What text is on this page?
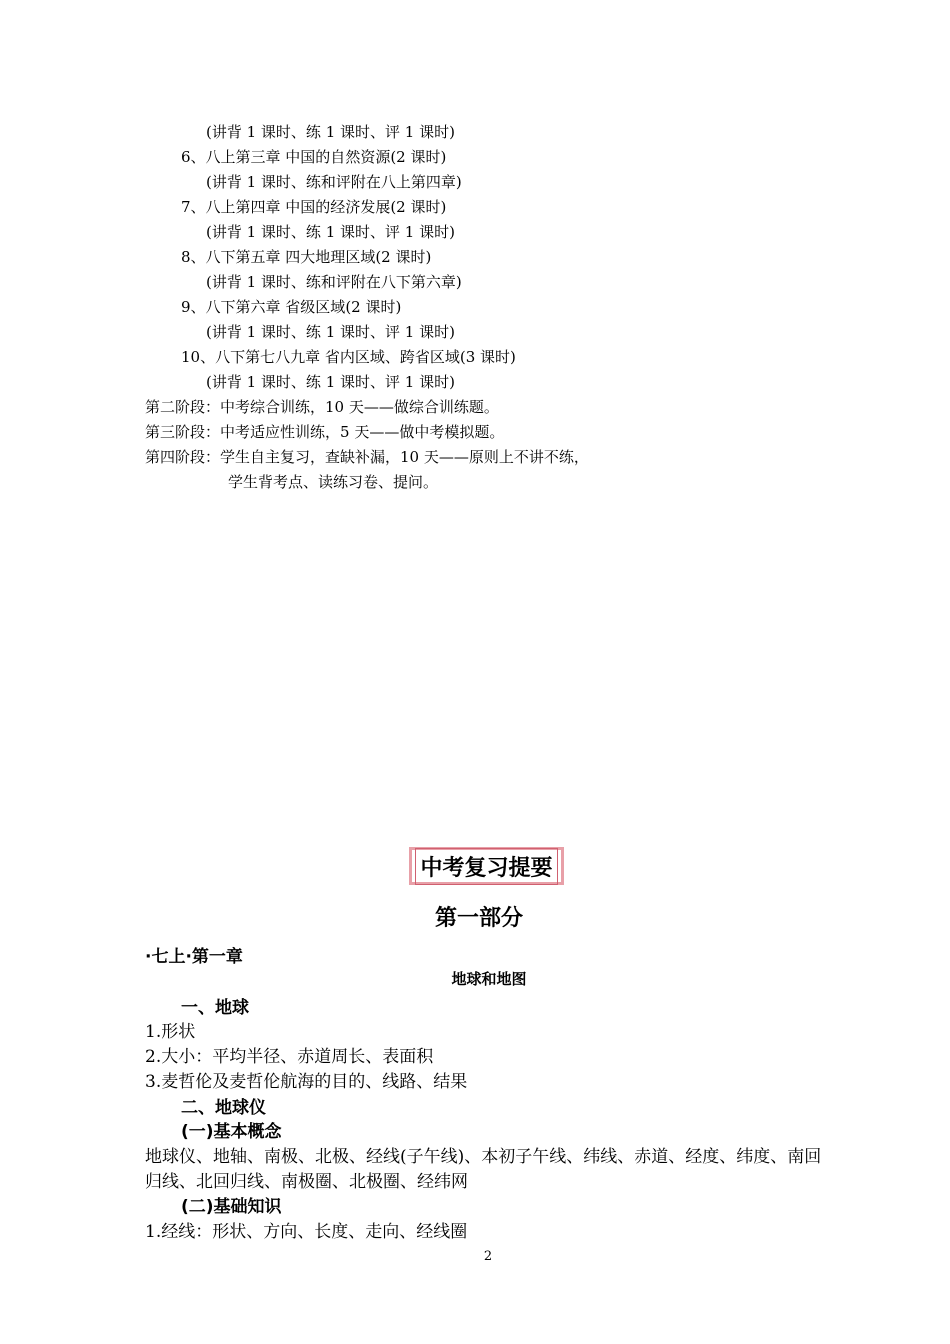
(讲背 1 课时、练 1 课时、评 1 课时)
6、八上第三章 中国的自然资源(2 课时)
(讲背 1 课时、练和评附在八上第四章)
7、八上第四章 中国的经济发展(2 课时)
(讲背 1 课时、练 1 课时、评 1 课时)
8、八下第五章 四大地理区域(2 课时)
(讲背 1 课时、练和评附在八下第六章)
9、八下第六章 省级区域(2 课时)
(讲背 1 课时、练 1 课时、评 1 课时)
10、八下第七八九章 省内区域、跨省区域(3 课时)
(讲背 1 课时、练 1 课时、评 1 课时)
第二阶段：中考综合训练，10 天——做综合训练题。
第三阶段：中考适应性训练，5 天——做中考模拟题。
第四阶段：学生自主复习，查缺补漏，10 天——原则上不讲不练，
学生背考点、读练习卷、提问。
中考复习提要
第一部分
·七上·第一章
地球和地图
一、地球
1.形状
2.大小：平均半径、赤道周长、表面积
3.麦哲伦及麦哲伦航海的目的、线路、结果
二、地球仪
(一)基本概念
地球仪、地轴、南极、北极、经线(子午线)、本初子午线、纬线、赤道、经度、纬度、南回
归线、北回归线、南极圈、北极圈、经纬网
(二)基础知识
1.经线：形状、方向、长度、走向、经线圈
2
